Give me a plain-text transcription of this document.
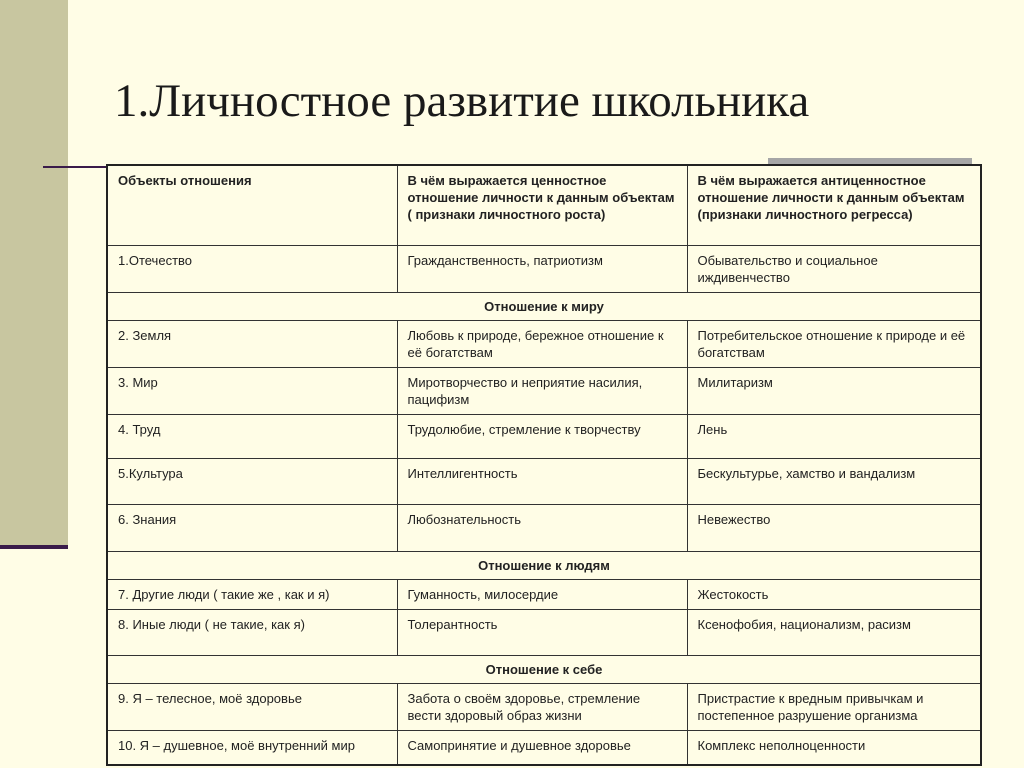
1.Личностное развитие школьника
Объекты отношения	В чём выражается ценностное отношение личности к данным объектам ( признаки личностного роста)	В чём выражается антиценностное отношение личности к данным объектам (признаки личностного регресса)
1.Отечество	Гражданственность, патриотизм	Обывательство и социальное иждивенчество
Отношение к миру		
2. Земля	Любовь к природе, бережное отношение к её богатствам	Потребительское отношение к природе и её богатствам
3. Мир	Миротворчество и неприятие насилия, пацифизм	Милитаризм
4. Труд	Трудолюбие, стремление к творчеству	Лень
5.Культура	Интеллигентность	Бескультурье, хамство и вандализм
6. Знания	Любознательность	Невежество
Отношение к людям		
7. Другие люди ( такие же , как и я)	Гуманность, милосердие	Жестокость
8. Иные люди ( не такие, как я)	Толерантность	Ксенофобия, национализм, расизм
Отношение к себе		
9. Я – телесное, моё здоровье	Забота о своём здоровье, стремление вести здоровый образ жизни	Пристрастие к вредным привычкам и постепенное разрушение организма
10. Я – душевное, моё внутренний мир	Самопринятие и душевное здоровье	Комплекс неполноценности
